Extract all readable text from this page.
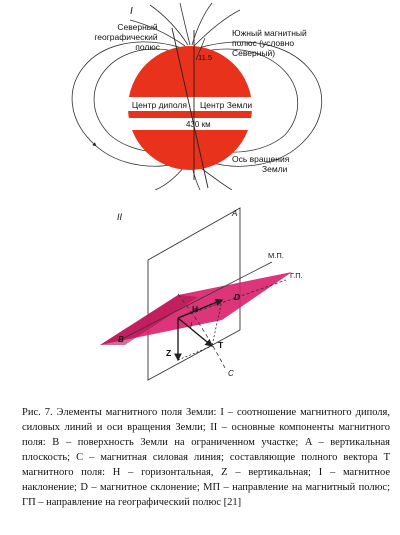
I
Северный географический полюс
Южный магнитный полюс (условно Северный)
11.5
Центр диполя Центр Земли
430 км
Ось вращения Земли
II	A
М.П.
Г.П.
H
D
I
T
Z
B
C
Рис. 7. Элементы магнитного поля Земли: I – соотношение магнитного диполя, силовых линий и оси вращения Земли; II – основные компоненты магнитного поля: B – поверхность Земли на ограниченном участке; A – вертикальная плоскость; C – магнитная силовая линия; составляющие полного вектора T магнитного поля: H – горизонтальная, Z – вертикальная; I – магнитное наклонение; D – магнитное склонение; МП – направление на магнитный полюс; ГП – направление на географический полюс [21]
